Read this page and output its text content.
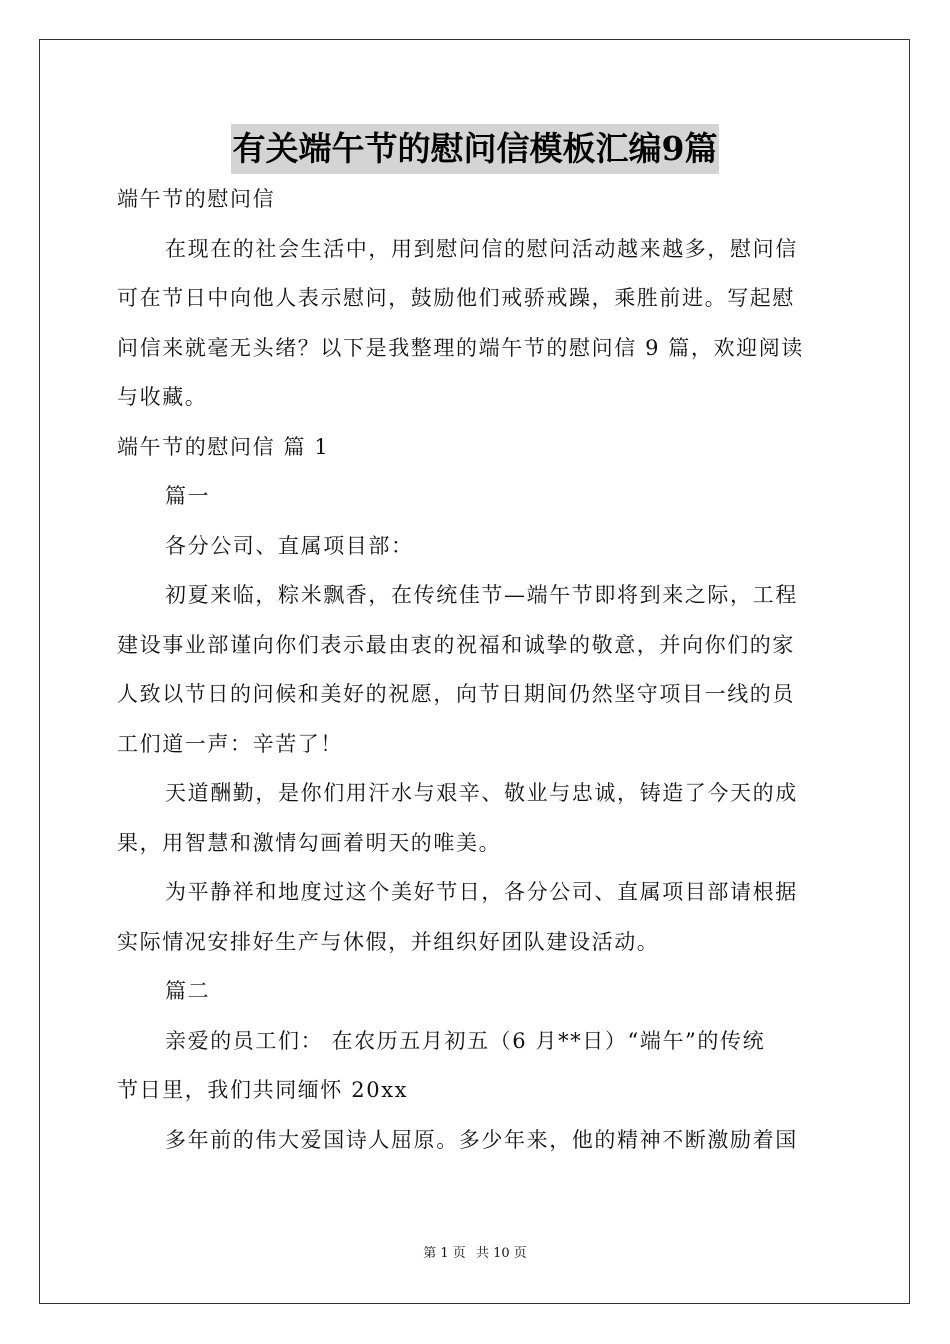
有关端午节的慰问信模板汇编9篇
端午节的慰问信
在现在的社会生活中，用到慰问信的慰问活动越来越多，慰问信
可在节日中向他人表示慰问，鼓励他们戒骄戒躁，乘胜前进。写起慰
问信来就毫无头绪？以下是我整理的端午节的慰问信 9 篇，欢迎阅读
与收藏。
端午节的慰问信 篇 1
篇一
各分公司、直属项目部：
初夏来临，粽米飘香，在传统佳节—端午节即将到来之际，工程
建设事业部谨向你们表示最由衷的祝福和诚挚的敬意，并向你们的家
人致以节日的问候和美好的祝愿，向节日期间仍然坚守项目一线的员
工们道一声：辛苦了！
天道酬勤，是你们用汗水与艰辛、敬业与忠诚，铸造了今天的成
果，用智慧和激情勾画着明天的唯美。
为平静祥和地度过这个美好节日，各分公司、直属项目部请根据
实际情况安排好生产与休假，并组织好团队建设活动。
篇二
亲爱的员工们： 在农历五月初五（6 月**日）“端午”的传统
节日里，我们共同缅怀 20xx
多年前的伟大爱国诗人屈原。多少年来，他的精神不断激励着国
第 1 页 共 10 页
